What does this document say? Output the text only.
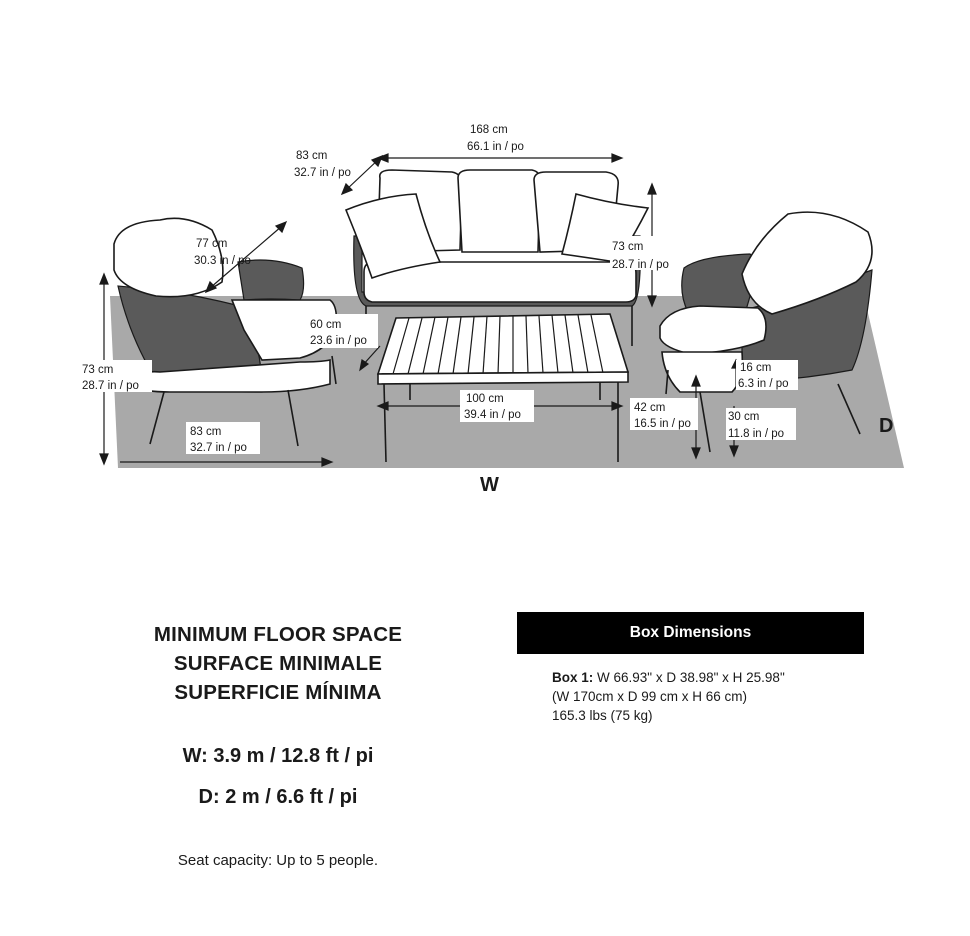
168 cm
66.1 in / po
83 cm
32.7 in / po
73 cm
28.7 in / po
77 cm
30.3 in / po
60 cm
23.6 in / po
73 cm
28.7 in / po
83 cm
32.7 in / po
100 cm
39.4 in / po
42 cm
16.5 in / po
16 cm
6.3 in / po
30 cm
11.8 in / po
W
D

MINIMUM FLOOR SPACE

SURFACE MINIMALE

SUPERFICIE MÍNIMA

W: 3.9 m / 12.8 ft / pi

D: 2 m / 6.6 ft / pi

Seat capacity: Up to 5 people.
Box Dimensions

Box 1: W 66.93" x D 38.98" x H 25.98"

(W 170cm x D 99 cm x H 66 cm)

165.3 lbs (75 kg)
